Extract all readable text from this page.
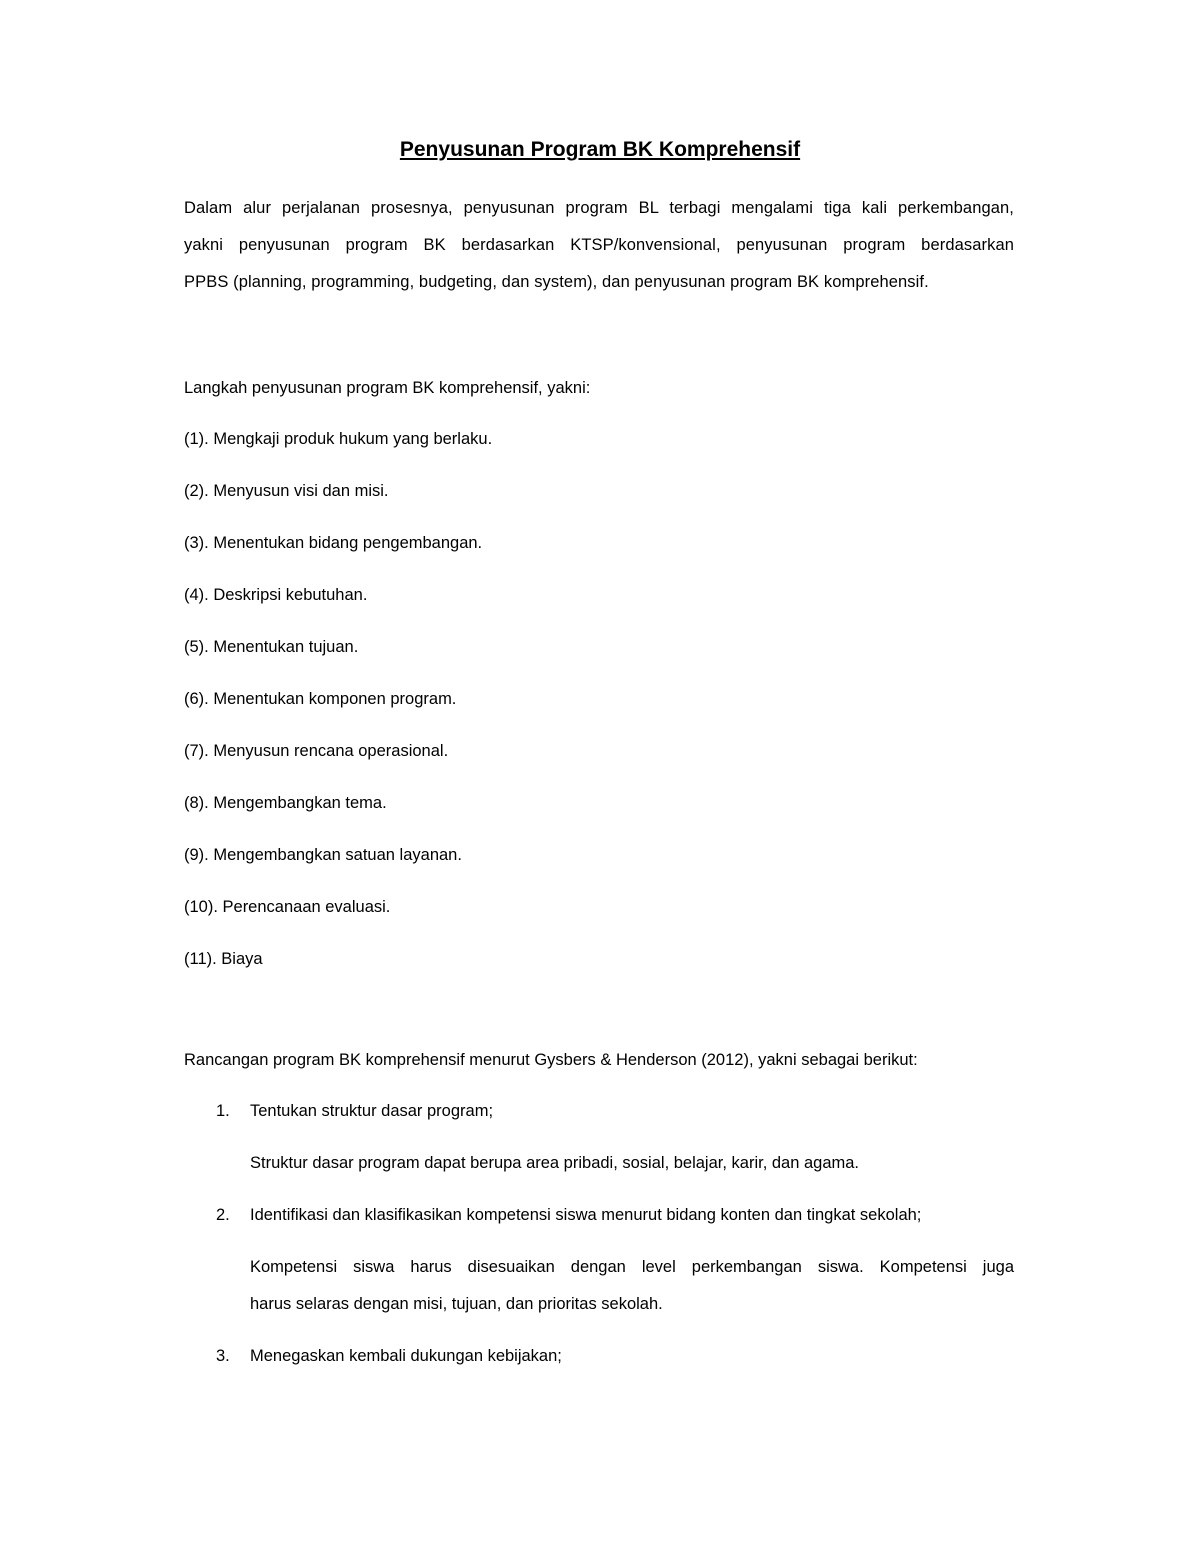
Penyusunan Program BK Komprehensif
Dalam alur perjalanan prosesnya, penyusunan program BL terbagi mengalami tiga kali perkembangan,
yakni penyusunan program BK berdasarkan KTSP/konvensional, penyusunan program berdasarkan
PPBS (planning, programming, budgeting, dan system), dan penyusunan program BK komprehensif.
Langkah penyusunan program BK komprehensif, yakni:
(1). Mengkaji produk hukum yang berlaku.
(2). Menyusun visi dan misi.
(3). Menentukan bidang pengembangan.
(4). Deskripsi kebutuhan.
(5). Menentukan tujuan.
(6). Menentukan komponen program.
(7). Menyusun rencana operasional.
(8). Mengembangkan tema.
(9). Mengembangkan satuan layanan.
(10). Perencanaan evaluasi.
(11). Biaya
Rancangan program BK komprehensif menurut Gysbers & Henderson (2012), yakni sebagai berikut:
1. Tentukan struktur dasar program;
Struktur dasar program dapat berupa area pribadi, sosial, belajar, karir, dan agama.
2. Identifikasi dan klasifikasikan kompetensi siswa menurut bidang konten dan tingkat sekolah;
Kompetensi siswa harus disesuaikan dengan level perkembangan siswa. Kompetensi juga
harus selaras dengan misi, tujuan, dan prioritas sekolah.
3. Menegaskan kembali dukungan kebijakan;
